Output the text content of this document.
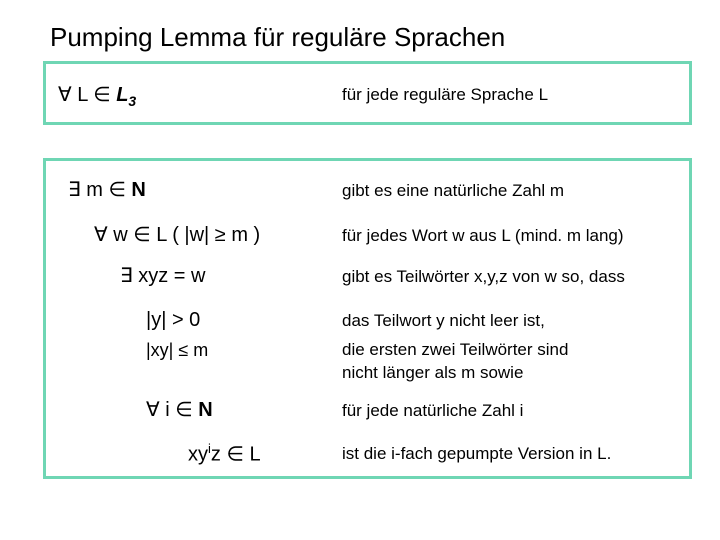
Pumping Lemma für reguläre Sprachen
∀ L ∈ $L_3$	für jede reguläre Sprache L
∃ m ∈ N	gibt es eine natürliche Zahl m
∀ w ∈ L ( |w| ≥ m )	für jedes Wort w aus L (mind. m lang)
∃ xyz = w	gibt es Teilwörter x,y,z von w so, dass
|y| > 0	das Teilwort y nicht leer ist,
|xy| ≤ m	die ersten zwei Teilwörter sind
nicht länger als m sowie
∀ i ∈ N	für jede natürliche Zahl i
$xy^iz$ ∈ L	ist die i-fach gepumpte Version in L.
